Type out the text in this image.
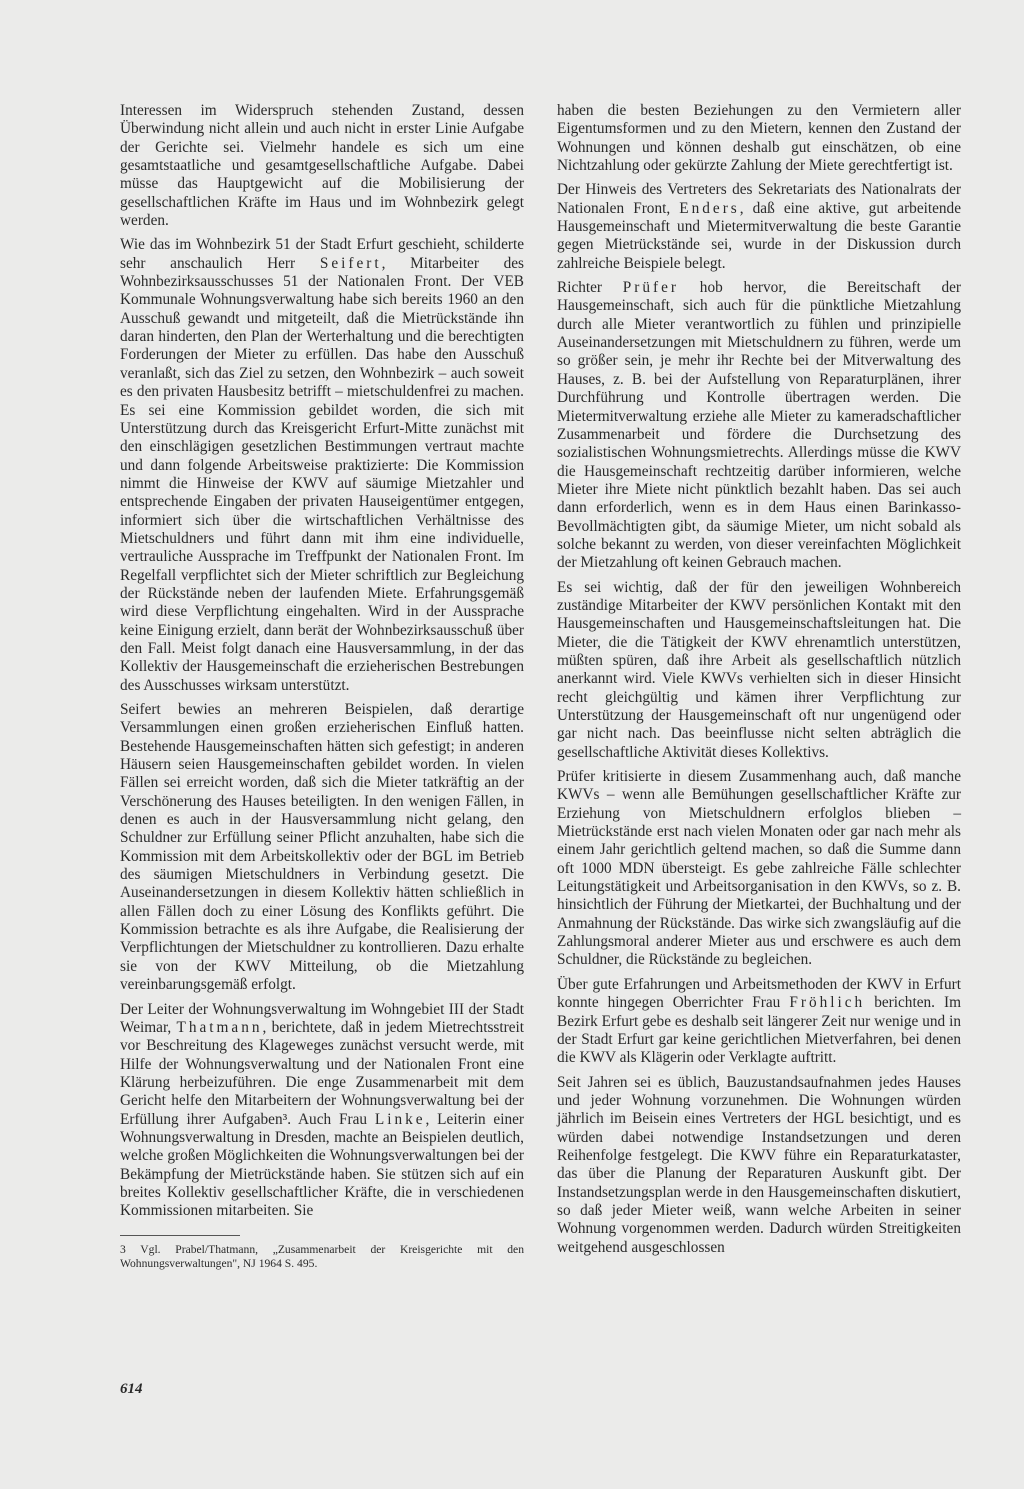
Interessen im Widerspruch stehenden Zustand, dessen Überwindung nicht allein und auch nicht in erster Linie Aufgabe der Gerichte sei. Vielmehr handele es sich um eine gesamtstaatliche und gesamtgesellschaftliche Aufgabe. Dabei müsse das Hauptgewicht auf die Mobilisierung der gesellschaftlichen Kräfte im Haus und im Wohnbezirk gelegt werden.

Wie das im Wohnbezirk 51 der Stadt Erfurt geschieht, schilderte sehr anschaulich Herr Seifert, Mitarbeiter des Wohnbezirksausschusses 51 der Nationalen Front. Der VEB Kommunale Wohnungsverwaltung habe sich bereits 1960 an den Ausschuß gewandt und mitgeteilt, daß die Mietrückstände ihn daran hinderten, den Plan der Werterhaltung und die berechtigten Forderungen der Mieter zu erfüllen. Das habe den Ausschuß veranlaßt, sich das Ziel zu setzen, den Wohnbezirk – auch soweit es den privaten Hausbesitz betrifft – mietschuldenfrei zu machen. Es sei eine Kommission gebildet worden, die sich mit Unterstützung durch das Kreisgericht Erfurt-Mitte zunächst mit den einschlägigen gesetzlichen Bestimmungen vertraut machte und dann folgende Arbeitsweise praktizierte: Die Kommission nimmt die Hinweise der KWV auf säumige Mietzahler und entsprechende Eingaben der privaten Hauseigentümer entgegen, informiert sich über die wirtschaftlichen Verhältnisse des Mietschuldners und führt dann mit ihm eine individuelle, vertrauliche Aussprache im Treffpunkt der Nationalen Front. Im Regelfall verpflichtet sich der Mieter schriftlich zur Begleichung der Rückstände neben der laufenden Miete. Erfahrungsgemäß wird diese Verpflichtung eingehalten. Wird in der Aussprache keine Einigung erzielt, dann berät der Wohnbezirksausschuß über den Fall. Meist folgt danach eine Hausversammlung, in der das Kollektiv der Hausgemeinschaft die erzieherischen Bestrebungen des Ausschusses wirksam unterstützt.

Seifert bewies an mehreren Beispielen, daß derartige Versammlungen einen großen erzieherischen Einfluß hatten. Bestehende Hausgemeinschaften hätten sich gefestigt; in anderen Häusern seien Hausgemeinschaften gebildet worden. In vielen Fällen sei erreicht worden, daß sich die Mieter tatkräftig an der Verschönerung des Hauses beteiligten. In den wenigen Fällen, in denen es auch in der Hausversammlung nicht gelang, den Schuldner zur Erfüllung seiner Pflicht anzuhalten, habe sich die Kommission mit dem Arbeitskollektiv oder der BGL im Betrieb des säumigen Mietschuldners in Verbindung gesetzt. Die Auseinandersetzungen in diesem Kollektiv hätten schließlich in allen Fällen doch zu einer Lösung des Konflikts geführt. Die Kommission betrachte es als ihre Aufgabe, die Realisierung der Verpflichtungen der Mietschuldner zu kontrollieren. Dazu erhalte sie von der KWV Mitteilung, ob die Mietzahlung vereinbarungsgemäß erfolgt.

Der Leiter der Wohnungsverwaltung im Wohngebiet III der Stadt Weimar, Thatmann, berichtete, daß in jedem Mietrechtsstreit vor Beschreitung des Klageweges zunächst versucht werde, mit Hilfe der Wohnungsverwaltung und der Nationalen Front eine Klärung herbeizuführen. Die enge Zusammenarbeit mit dem Gericht helfe den Mitarbeitern der Wohnungsverwaltung bei der Erfüllung ihrer Aufgaben³. Auch Frau Linke, Leiterin einer Wohnungsverwaltung in Dresden, machte an Beispielen deutlich, welche großen Möglichkeiten die Wohnungsverwaltungen bei der Bekämpfung der Mietrückstände haben. Sie stützen sich auf ein breites Kollektiv gesellschaftlicher Kräfte, die in verschiedenen Kommissionen mitarbeiten. Sie

3 Vgl. Prabel/Thatmann, „Zusammenarbeit der Kreisgerichte mit den Wohnungsverwaltungen", NJ 1964 S. 495.

haben die besten Beziehungen zu den Vermietern aller Eigentumsformen und zu den Mietern, kennen den Zustand der Wohnungen und können deshalb gut einschätzen, ob eine Nichtzahlung oder gekürzte Zahlung der Miete gerechtfertigt ist.

Der Hinweis des Vertreters des Sekretariats des Nationalrats der Nationalen Front, Enders, daß eine aktive, gut arbeitende Hausgemeinschaft und Mietermitverwaltung die beste Garantie gegen Mietrückstände sei, wurde in der Diskussion durch zahlreiche Beispiele belegt.

Richter Prüfer hob hervor, die Bereitschaft der Hausgemeinschaft, sich auch für die pünktliche Mietzahlung durch alle Mieter verantwortlich zu fühlen und prinzipielle Auseinandersetzungen mit Mietschuldnern zu führen, werde um so größer sein, je mehr ihr Rechte bei der Mitverwaltung des Hauses, z. B. bei der Aufstellung von Reparaturplänen, ihrer Durchführung und Kontrolle übertragen werden. Die Mietermitverwaltung erziehe alle Mieter zu kameradschaftlicher Zusammenarbeit und fördere die Durchsetzung des sozialistischen Wohnungsmietrechts. Allerdings müsse die KWV die Hausgemeinschaft rechtzeitig darüber informieren, welche Mieter ihre Miete nicht pünktlich bezahlt haben. Das sei auch dann erforderlich, wenn es in dem Haus einen Barinkasso-Bevollmächtigten gibt, da säumige Mieter, um nicht sobald als solche bekannt zu werden, von dieser vereinfachten Möglichkeit der Mietzahlung oft keinen Gebrauch machen.

Es sei wichtig, daß der für den jeweiligen Wohnbereich zuständige Mitarbeiter der KWV persönlichen Kontakt mit den Hausgemeinschaften und Hausgemeinschaftsleitungen hat. Die Mieter, die die Tätigkeit der KWV ehrenamtlich unterstützen, müßten spüren, daß ihre Arbeit als gesellschaftlich nützlich anerkannt wird. Viele KWVs verhielten sich in dieser Hinsicht recht gleichgültig und kämen ihrer Verpflichtung zur Unterstützung der Hausgemeinschaft oft nur ungenügend oder gar nicht nach. Das beeinflusse nicht selten abträglich die gesellschaftliche Aktivität dieses Kollektivs.

Prüfer kritisierte in diesem Zusammenhang auch, daß manche KWVs – wenn alle Bemühungen gesellschaftlicher Kräfte zur Erziehung von Mietschuldnern erfolglos blieben – Mietrückstände erst nach vielen Monaten oder gar nach mehr als einem Jahr gerichtlich geltend machen, so daß die Summe dann oft 1000 MDN übersteigt. Es gebe zahlreiche Fälle schlechter Leitungstätigkeit und Arbeitsorganisation in den KWVs, so z. B. hinsichtlich der Führung der Mietkartei, der Buchhaltung und der Anmahnung der Rückstände. Das wirke sich zwangsläufig auf die Zahlungsmoral anderer Mieter aus und erschwere es auch dem Schuldner, die Rückstände zu begleichen.

Über gute Erfahrungen und Arbeitsmethoden der KWV in Erfurt konnte hingegen Oberrichter Frau Fröhlich berichten. Im Bezirk Erfurt gebe es deshalb seit längerer Zeit nur wenige und in der Stadt Erfurt gar keine gerichtlichen Mietverfahren, bei denen die KWV als Klägerin oder Verklagte auftritt.

Seit Jahren sei es üblich, Bauzustandsaufnahmen jedes Hauses und jeder Wohnung vorzunehmen. Die Wohnungen würden jährlich im Beisein eines Vertreters der HGL besichtigt, und es würden dabei notwendige Instandsetzungen und deren Reihenfolge festgelegt. Die KWV führe ein Reparaturkataster, das über die Planung der Reparaturen Auskunft gibt. Der Instandsetzungsplan werde in den Hausgemeinschaften diskutiert, so daß jeder Mieter weiß, wann welche Arbeiten in seiner Wohnung vorgenommen werden. Dadurch würden Streitigkeiten weitgehend ausgeschlossen

614
